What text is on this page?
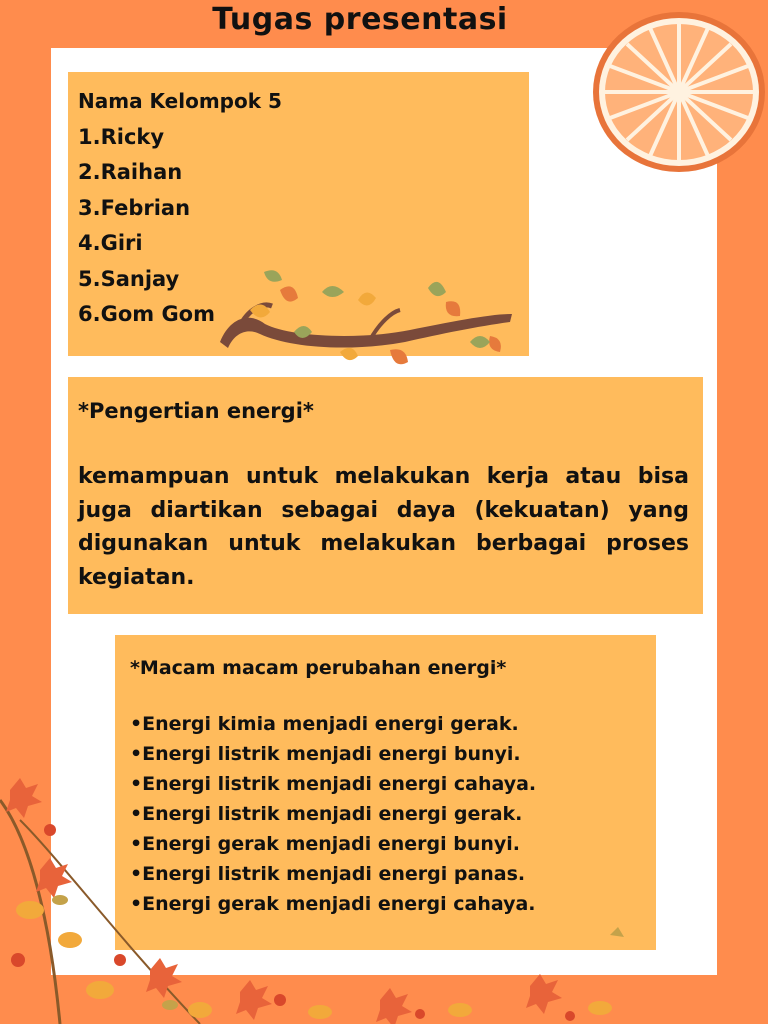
Tugas presentasi
Nama Kelompok 5
1.Ricky
2.Raihan
3.Febrian
4.Giri
5.Sanjay
6.Gom Gom
*Pengertian energi*
kemampuan untuk melakukan kerja atau bisa juga diartikan sebagai daya (kekuatan) yang digunakan untuk melakukan berbagai proses kegiatan.
*Macam macam perubahan energi*
•Energi kimia menjadi energi gerak.
•Energi listrik menjadi energi bunyi.
•Energi listrik menjadi energi cahaya.
•Energi listrik menjadi energi gerak.
•Energi gerak menjadi energi bunyi.
•Energi listrik menjadi energi panas.
•Energi gerak menjadi energi cahaya.
